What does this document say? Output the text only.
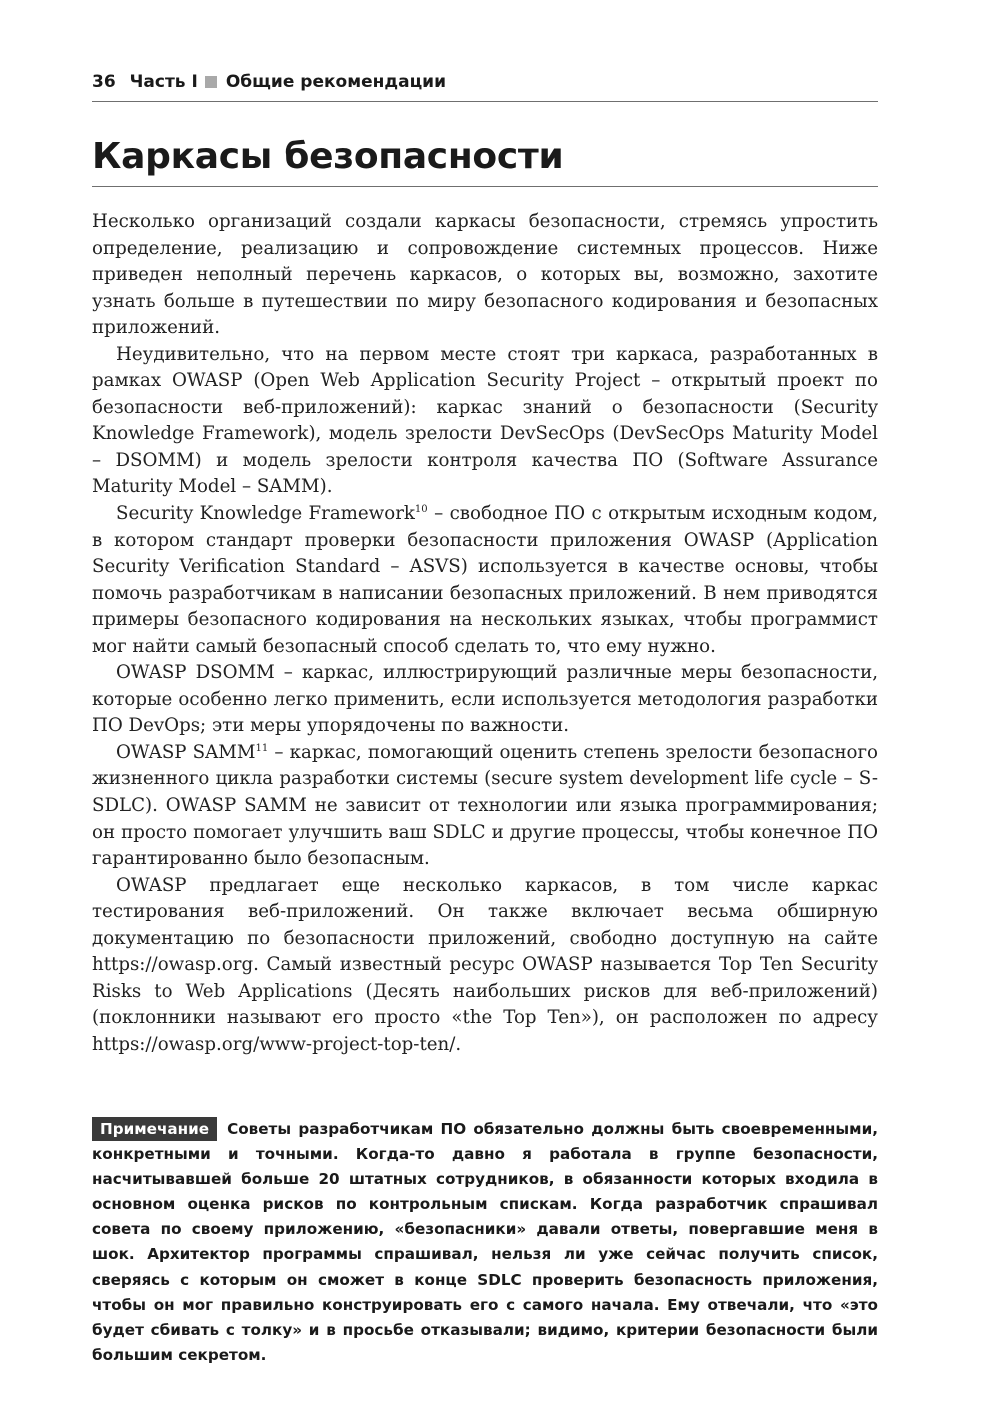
36 Часть I Общие рекомендации
Каркасы безопасности

Несколько организаций создали каркасы безопасности, стремясь упростить определение, реализацию и сопровождение системных процессов. Ниже приведен неполный перечень каркасов, о которых вы, возможно, захотите узнать больше в путешествии по миру безопасного кодирования и безопасных приложений.

Неудивительно, что на первом месте стоят три каркаса, разработанных в рамках OWASP (Open Web Application Security Project – открытый проект по безопасности веб-приложений): каркас знаний о безопасности (Security Knowledge Framework), модель зрелости DevSecOps (DevSecOps Maturity Model – DSOMM) и модель зрелости контроля качества ПО (Software Assurance Maturity Model – SAMM).

Security Knowledge Framework$^{10}$ – свободное ПО с открытым исходным кодом, в котором стандарт проверки безопасности приложения OWASP (Application Security Verification Standard – ASVS) используется в качестве основы, чтобы помочь разработчикам в написании безопасных приложений. В нем приводятся примеры безопасного кодирования на нескольких языках, чтобы программист мог найти самый безопасный способ сделать то, что ему нужно.

OWASP DSOMM – каркас, иллюстрирующий различные меры безопасности, которые особенно легко применить, если используется методология разработки ПО DevOps; эти меры упорядочены по важности.

OWASP SAMM$^{11}$ – каркас, помогающий оценить степень зрелости безопасного жизненного цикла разработки системы (secure system development life cycle – S-SDLC). OWASP SAMM не зависит от технологии или языка программирования; он просто помогает улучшить ваш SDLC и другие процессы, чтобы конечное ПО гарантированно было безопасным.

OWASP предлагает еще несколько каркасов, в том числе каркас тестирования веб-приложений. Он также включает весьма обширную документацию по безопасности приложений, свободно доступную на сайте https://owasp.org. Самый известный ресурс OWASP называется Top Ten Security Risks to Web Applications (Десять наибольших рисков для веб-приложений) (поклонники называют его просто «the Top Ten»), он расположен по адресу https://owasp.org/www-project-top-ten/.

Примечание Советы разработчикам ПО обязательно должны быть своевременными, конкретными и точными. Когда-то давно я работала в группе безопасности, насчитывавшей больше 20 штатных сотрудников, в обязанности которых входила в основном оценка рисков по контрольным спискам. Когда разработчик спрашивал совета по своему приложению, «безопасники» давали ответы, повергавшие меня в шок. Архитектор программы спрашивал, нельзя ли уже сейчас получить список, сверяясь с которым он сможет в конце SDLC проверить безопасность приложения, чтобы он мог правильно конструировать его с самого начала. Ему отвечали, что «это будет сбивать с толку» и в просьбе отказывали; видимо, критерии безопасности были большим секретом.
